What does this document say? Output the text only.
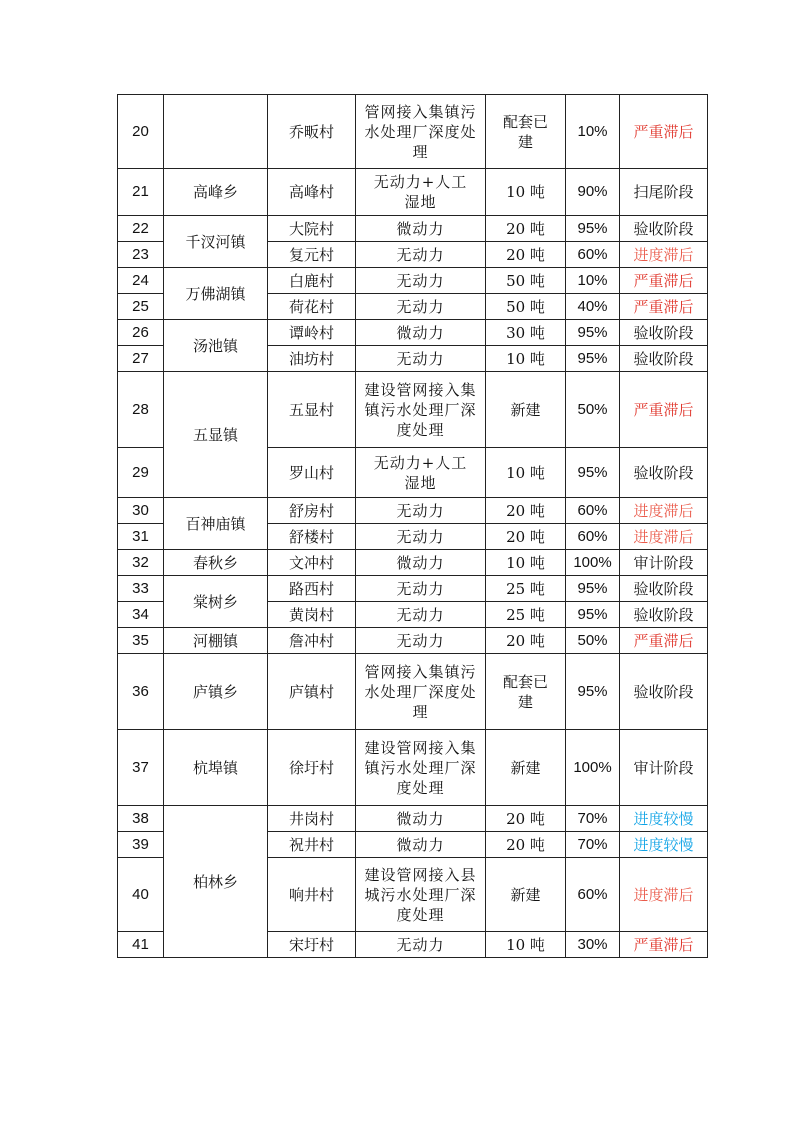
20		乔畈村	管网接入集镇污水处理厂深度处理	配套已建	10%	严重滞后
21	高峰乡	高峰村	无动力+人工湿地	10 吨	90%	扫尾阶段
22	千汊河镇	大院村	微动力	20 吨	95%	验收阶段
23		复元村	无动力	20 吨	60%	进度滞后
24	万佛湖镇	白鹿村	无动力	50 吨	10%	严重滞后
25		荷花村	无动力	50 吨	40%	严重滞后
26	汤池镇	谭岭村	微动力	30 吨	95%	验收阶段
27		油坊村	无动力	10 吨	95%	验收阶段
28	五显镇	五显村	建设管网接入集镇污水处理厂深度处理	新建	50%	严重滞后
29		罗山村	无动力+人工湿地	10 吨	95%	验收阶段
30	百神庙镇	舒房村	无动力	20 吨	60%	进度滞后
31		舒楼村	无动力	20 吨	60%	进度滞后
32	春秋乡	文冲村	微动力	10 吨	100%	审计阶段
33	棠树乡	路西村	无动力	25 吨	95%	验收阶段
34		黄岗村	无动力	25 吨	95%	验收阶段
35	河棚镇	詹冲村	无动力	20 吨	50%	严重滞后
36	庐镇乡	庐镇村	管网接入集镇污水处理厂深度处理	配套已建	95%	验收阶段
37	杭埠镇	徐圩村	建设管网接入集镇污水处理厂深度处理	新建	100%	审计阶段
38	柏林乡	井岗村	微动力	20 吨	70%	进度较慢
39		祝井村	微动力	20 吨	70%	进度较慢
40		响井村	建设管网接入县城污水处理厂深度处理	新建	60%	进度滞后
41		宋圩村	无动力	10 吨	30%	严重滞后
